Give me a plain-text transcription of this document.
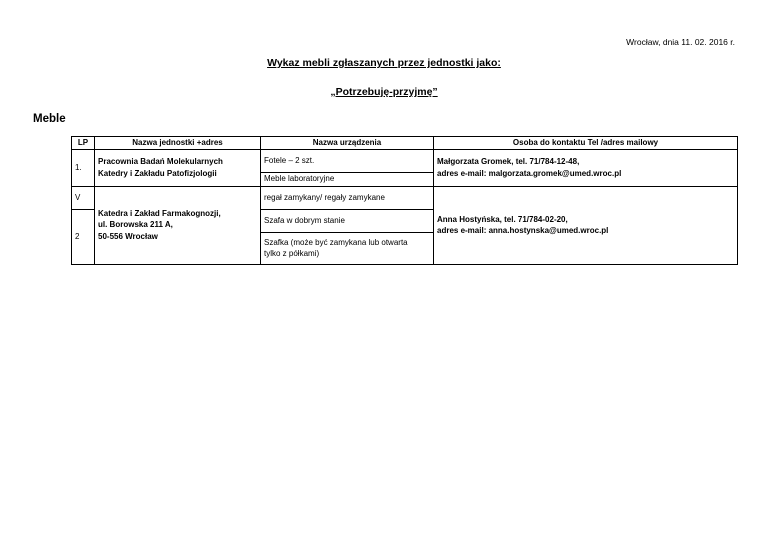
Wrocław, dnia 11. 02. 2016 r.
Wykaz mebli zgłaszanych przez jednostki jako:
„Potrzebuję-przyjmę”
Meble
LP	Nazwa jednostki +adres	Nazwa urządzenia	Osoba do kontaktu Tel /adres mailowy
1.	Pracownia Badań Molekularnych
Katedry i Zakładu Patofizjologii	Fotele – 2 szt.	Małgorzata Gromek, tel. 71/784-12-48,
adres e-mail: malgorzata.gromek@umed.wroc.pl

		Meble laboratoryjne	
V	Katedra i Zakład Farmakognozji,
ul. Borowska 211 A,
50-556 Wrocław	regał zamykany/ regały zamykane	Anna Hostyńska, tel. 71/784-02-20,
adres e-mail: anna.hostynska@umed.wroc.pl

2		Szafa w dobrym stanie	

		Szafka (może być zamykana lub otwarta
tylko z półkami)	
